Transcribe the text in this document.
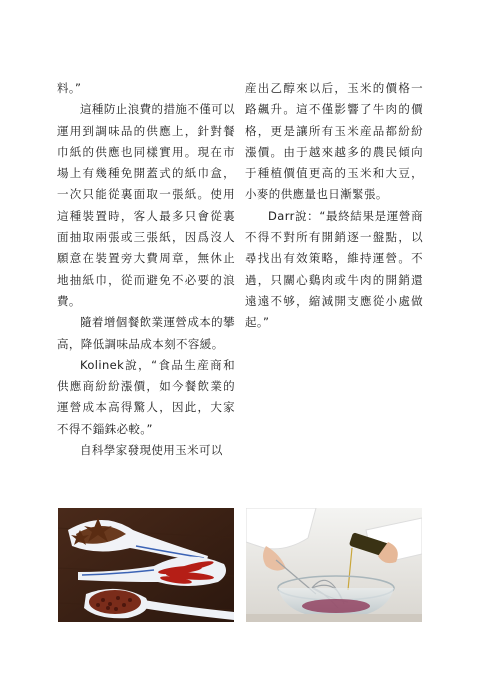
料。”

這種防止浪費的措施不僅可以運用到調味品的供應上，針對餐巾紙的供應也同樣實用。現在市場上有幾種免開蓋式的紙巾盒，一次只能從裏面取一張紙。使用這種裝置時，客人最多只會從裏面抽取兩張或三張紙，因爲沒人願意在裝置旁大費周章，無休止地抽紙巾，從而避免不必要的浪費。

隨着增個餐飲業運營成本的攀高，降低調味品成本刻不容緩。

Kolinek說，“食品生産商和供應商紛紛漲價，如今餐飲業的運營成本高得驚人，因此，大家不得不錙銖必較。”

自科學家發現使用玉米可以

産出乙醇來以后，玉米的價格一路飆升。這不僅影響了牛肉的價格，更是讓所有玉米産品都紛紛漲價。由于越來越多的農民傾向于種植價值更高的玉米和大豆，小麥的供應量也日漸緊張。

Darr說：“最終結果是運營商不得不對所有開銷逐一盤點，以尋找出有效策略，維持運營。不過，只關心鷄肉或牛肉的開銷還遠遠不够，縮減開支應從小處做起。”
